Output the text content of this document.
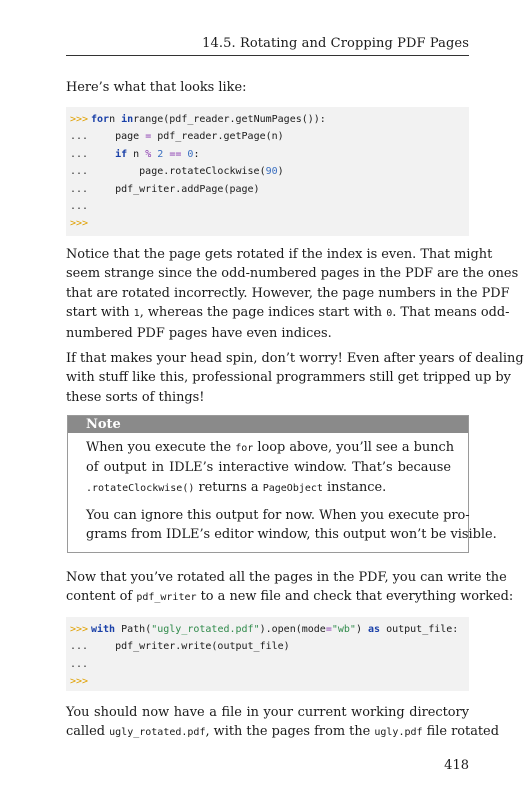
14.5. Rotating and Cropping PDF Pages

Here’s what that looks like:

>>> forn inrange(pdf_reader.getNumPages()):
... page = pdf_reader.getPage(n)
...	if n % 2 == 0:
... page.rotateClockwise(90)
... pdf_writer.addPage(page)
...
>>>
Notice that the page gets rotated if the index is even. That might
seem strange since the odd-numbered pages in the PDF are the ones
that are rotated incorrectly. However, the page numbers in the PDF
start with 1, whereas the page indices start with 0. That means odd-
numbered PDF pages have even indices.
If that makes your head spin, don’t worry! Even after years of dealing
with stuff like this, professional programmers still get tripped up by
these sorts of things!
Note
When you execute the for loop above, you’ll see a bunch
of output in IDLE’s interactive window. That’s because
.rotateClockwise() returns a PageObject instance.
You can ignore this output for now. When you execute pro-
grams from IDLE’s editor window, this output won’t be visible.
Now that you’ve rotated all the pages in the PDF, you can write the
content of pdf_writer to a new file and check that everything worked:
>>> with Path("ugly_rotated.pdf").open(mode="wb") as output_file:
... pdf_writer.write(output_file)
...
>>>
You should now have a file in your current working directory
called ugly_rotated.pdf, with the pages from the ugly.pdf file rotated
418
